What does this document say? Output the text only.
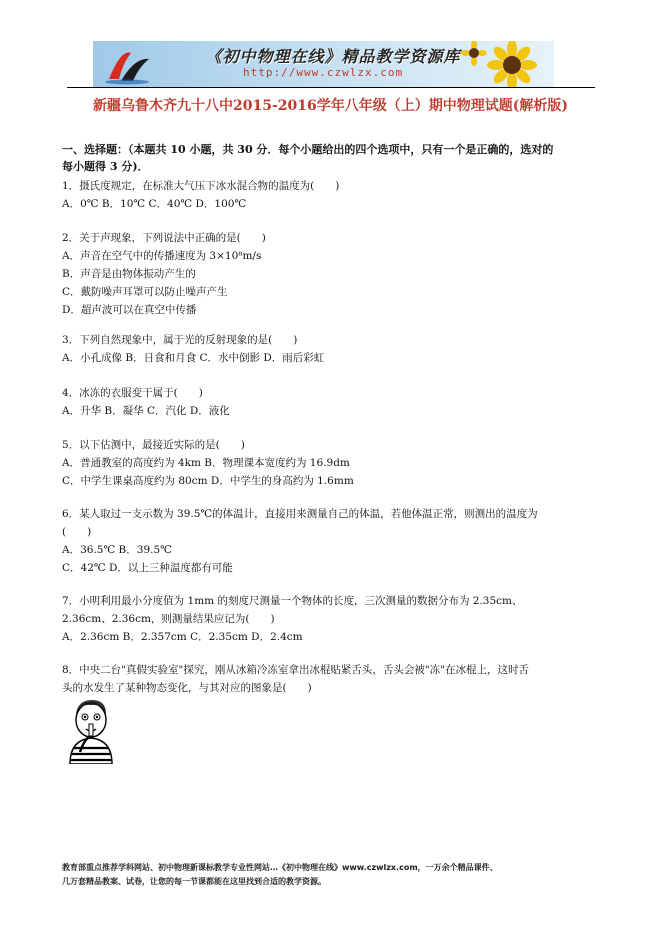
《初中物理在线》精品教学资源库
http://www.czwlzx.com
新疆乌鲁木齐九十八中2015-2016学年八年级（上）期中物理试题(解析版)
一、选择题：（本题共 10 小题，共 30 分．每个小题给出的四个选项中，只有一个是正确的，选对的
每小题得 3 分)．
1．摄氏度规定，在标准大气压下冰水混合物的温度为(　　)
A．0℃ B．10℃ C．40℃ D．100℃
2．关于声现象，下列说法中正确的是(　　)
A．声音在空气中的传播速度为 3×10⁸m/s
B．声音是由物体振动产生的
C．戴防噪声耳罩可以防止噪声产生
D．超声波可以在真空中传播
3．下列自然现象中，属于光的反射现象的是(　　)
A．小孔成像 B．日食和月食 C．水中倒影 D．雨后彩虹
4．冰冻的衣服变干属于(　　)
A．升华 B．凝华 C．汽化 D．液化
5．以下估测中，最接近实际的是(　　)
A．普通教室的高度约为 4km B．物理课本宽度约为 16.9dm
C．中学生课桌高度约为 80cm D．中学生的身高约为 1.6mm
6．某人取过一支示数为 39.5℃的体温计，直接用来测量自己的体温，若他体温正常，则测出的温度为
(　　)
A．36.5℃ B．39.5℃
C．42℃ D．以上三种温度都有可能
7．小明利用最小分度值为 1mm 的刻度尺测量一个物体的长度，三次测量的数据分布为 2.35cm、
2.36cm、2.36cm，则测量结果应记为(　　)
A．2.36cm B．2.357cm C．2.35cm D．2.4cm
8．中央二台"真假实验室"探究，刚从冰箱冷冻室拿出冰棍贴紧舌头，舌头会被"冻"在冰棍上，这时舌
头的水发生了某种物态变化，与其对应的图象是(　　)
教育部重点推荐学科网站、初中物理新课标教学专业性网站…《初中物理在线》www.czwlzx.com，一万余个精品课件、
几万套精品教案、试卷，让您的每一节课都能在这里找到合适的教学资源。
